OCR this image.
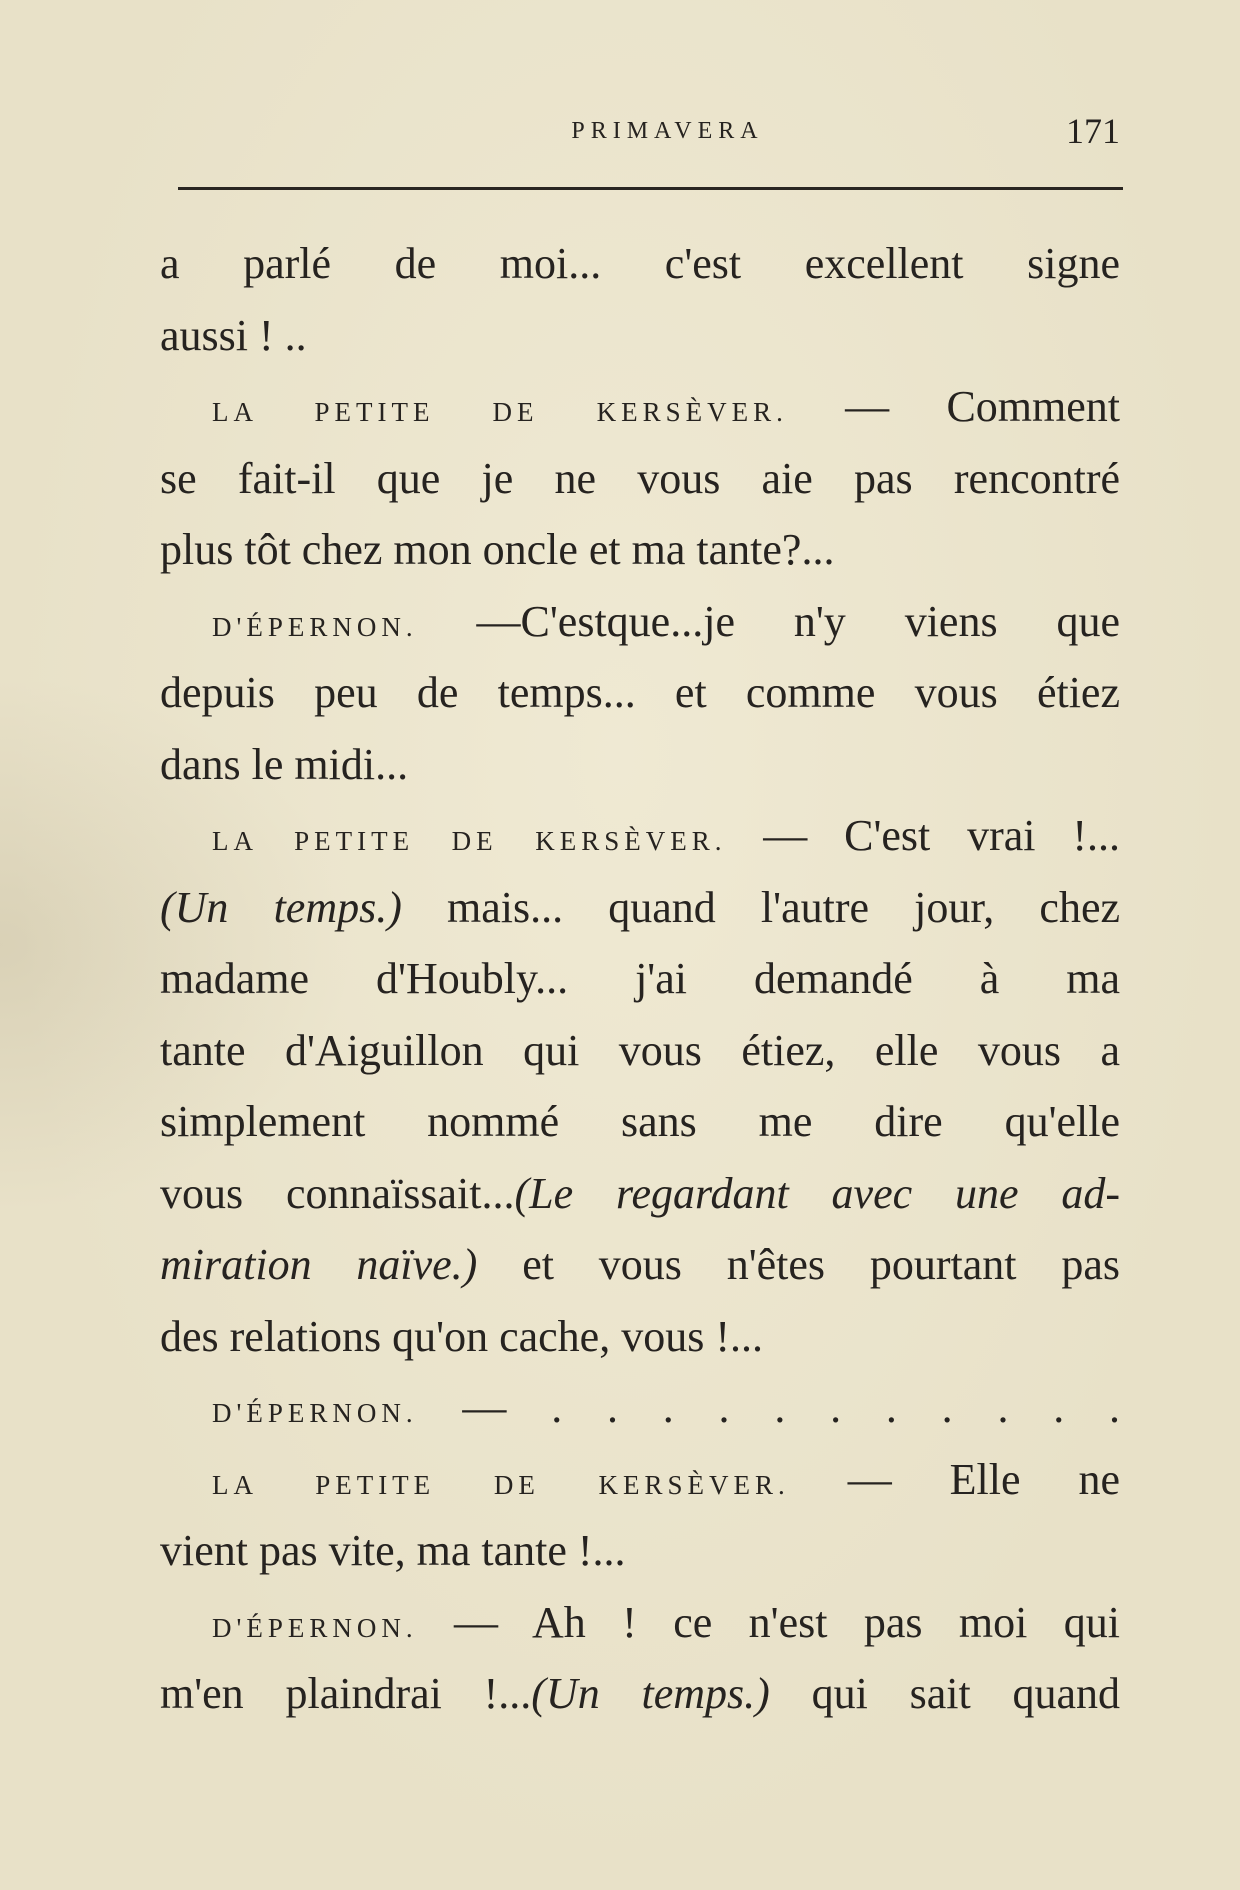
PRIMAVERA	171
a parlé de moi... c'est excellent signe
aussi ! ..
LA PETITE DE KERSÈVER. — Comment
se fait-il que je ne vous aie pas rencontré
plus tôt chez mon oncle et ma tante?...
D'ÉPERNON. —C'estque...je n'y viens que
depuis peu de temps... et comme vous étiez
dans le midi...
LA PETITE DE KERSÈVER. — C'est vrai !...
(Un temps.) mais... quand l'autre jour, chez
madame d'Houbly... j'ai demandé à ma
tante d'Aiguillon qui vous étiez, elle vous a
simplement nommé sans me dire qu'elle
vous connaïssait...(Le regardant avec une ad-
miration naïve.) et vous n'êtes pourtant pas
des relations qu'on cache, vous !...
D'ÉPERNON. — . . . . . . . . . . .
LA PETITE DE KERSÈVER. — Elle ne
vient pas vite, ma tante !...
D'ÉPERNON. — Ah ! ce n'est pas moi qui
m'en plaindrai !...(Un temps.) qui sait quand
